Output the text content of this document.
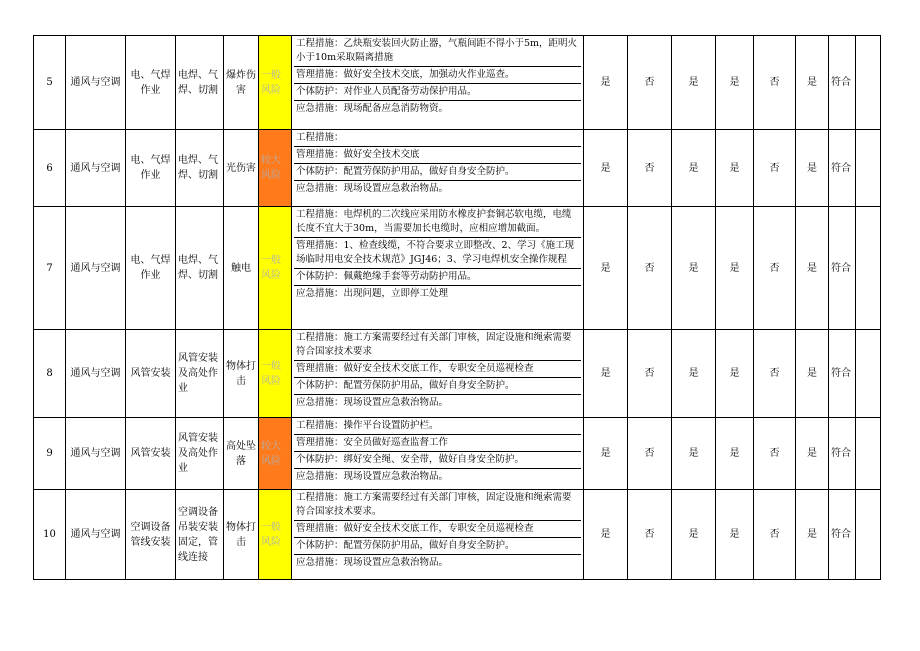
5	通风与空调	电、气焊作业	电焊、气焊、切割	爆炸伤害	一般风险	工程措施：乙炔瓶安装回火防止器，气瓶间距不得小于5m，距明火小于10m采取隔离措施
管理措施：做好安全技术交底，加强动火作业巡查。
个体防护：对作业人员配备劳动保护用品。
应急措施：现场配备应急消防物资。	是	否	是	是	否	是	符合	
6	通风与空调	电、气焊作业	电焊、气焊、切割	光伤害	较大风险	工程措施：
管理措施：做好安全技术交底
个体防护：配置劳保防护用品，做好自身安全防护。
应急措施：现场设置应急救治物品。	是	否	是	是	否	是	符合	
7	通风与空调	电、气焊作业	电焊、气焊、切割	触电	一般风险	工程措施：电焊机的二次线应采用防水橡皮护套铜芯软电缆，电缆长度不宜大于30m，当需要加长电缆时，应相应增加截面。
管理措施：1、检查线缆，不符合要求立即整改、2、学习《施工现场临时用电安全技术规范》JGJ46；3、学习电焊机安全操作规程
个体防护：佩戴绝缘手套等劳动防护用品。
应急措施：出现问题，立即停工处理	是	否	是	是	否	是	符合	
8	通风与空调	风管安装	风管安装及高处作业	物体打击	一般风险	工程措施：施工方案需要经过有关部门审核，固定设施和绳索需要符合国家技术要求
管理措施：做好安全技术交底工作，专职安全员巡视检查
个体防护：配置劳保防护用品，做好自身安全防护。
应急措施：现场设置应急救治物品。	是	否	是	是	否	是	符合	
9	通风与空调	风管安装	风管安装及高处作业	高处坠落	较大风险	工程措施：操作平台设置防护栏。
管理措施：安全员做好巡查监督工作
个体防护：绑好安全绳、安全带，做好自身安全防护。
应急措施：现场设置应急救治物品。	是	否	是	是	否	是	符合	
10	通风与空调	空调设备管线安装	空调设备吊装安装固定，管线连接	物体打击	一般风险	工程措施：施工方案需要经过有关部门审核，固定设施和绳索需要符合国家技术要求。
管理措施：做好安全技术交底工作，专职安全员巡视检查
个体防护：配置劳保防护用品，做好自身安全防护。
应急措施：现场设置应急救治物品。	是	否	是	是	否	是	符合	
